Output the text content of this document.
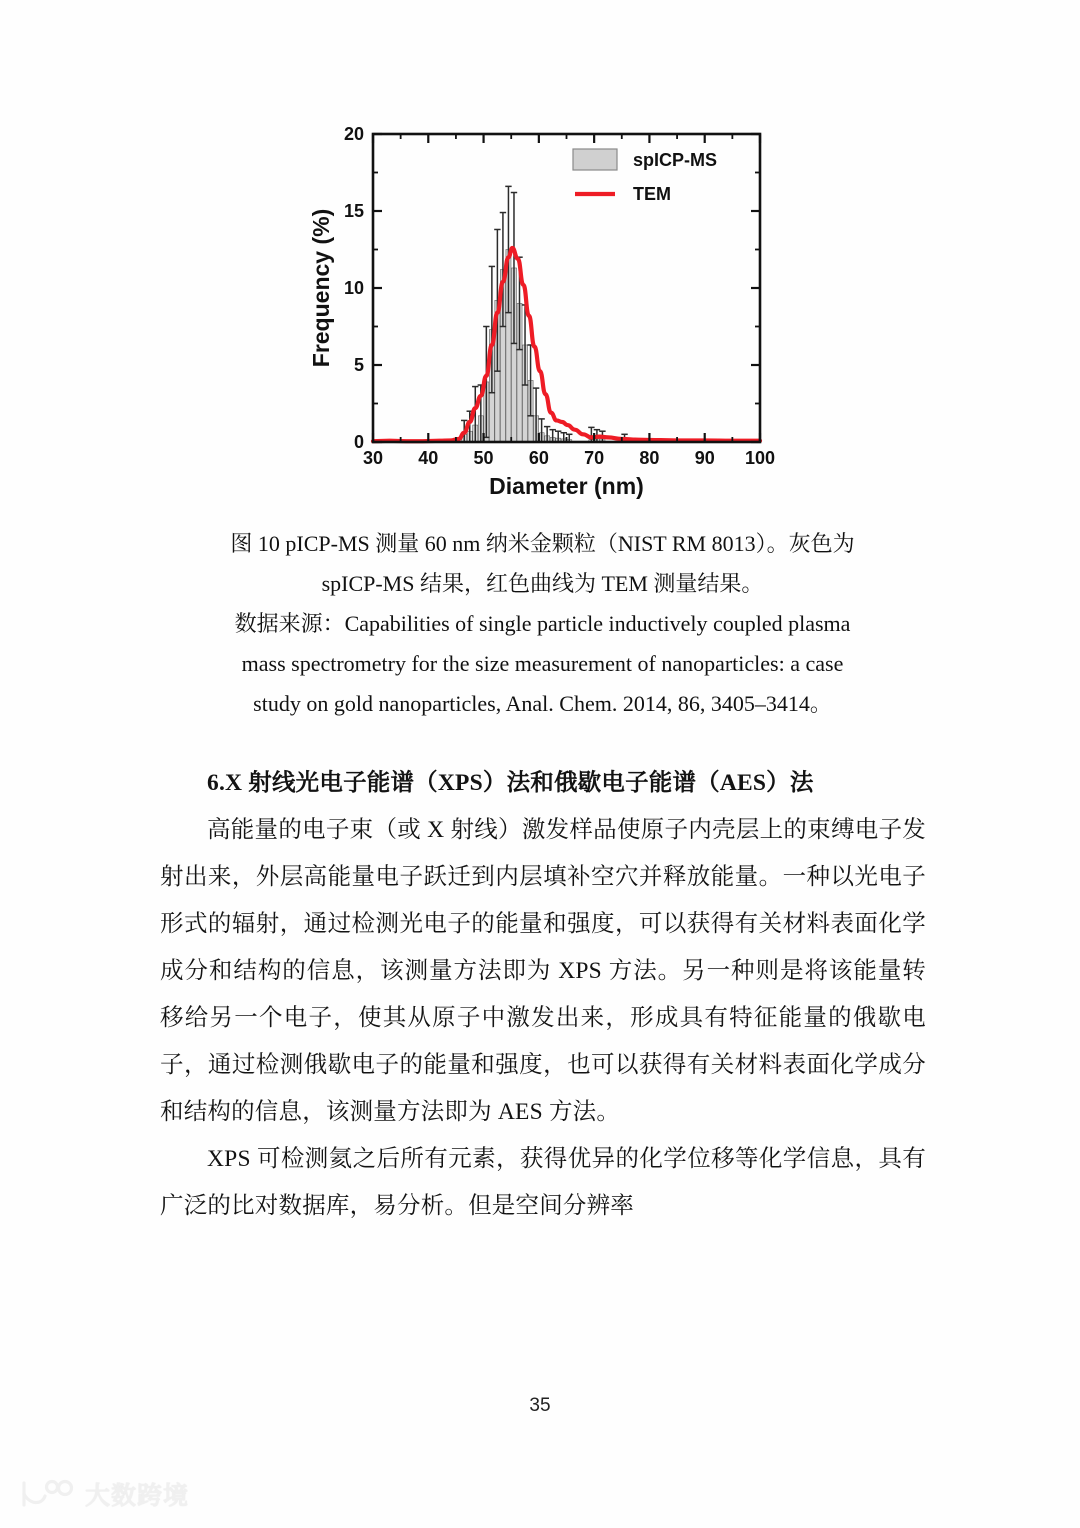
30 40 50 60 70 80 90 100
0
5
10
15
20
Diameter (nm)
Frequency (%)
spICP-MS
TEM
图 10 pICP-MS 测量 60 nm 纳米金颗粒（NIST RM 8013）。灰色为
spICP-MS 结果，红色曲线为 TEM 测量结果。
数据来源：Capabilities of single particle inductively coupled plasma
mass spectrometry for the size measurement of nanoparticles: a case
study on gold nanoparticles, Anal. Chem. 2014, 86, 3405–3414。

6.X 射线光电子能谱（XPS）法和俄歇电子能谱（AES）法

高能量的电子束（或 X 射线）激发样品使原子内壳层上的束缚电子发射出来，外层高能量电子跃迁到内层填补空穴并释放能量。一种以光电子形式的辐射，通过检测光电子的能量和强度，可以获得有关材料表面化学成分和结构的信息，该测量方法即为 XPS 方法。另一种则是将该能量转移给另一个电子，使其从原子中激发出来，形成具有特征能量的俄歇电子，通过检测俄歇电子的能量和强度，也可以获得有关材料表面化学成分和结构的信息，该测量方法即为 AES 方法。

XPS 可检测氦之后所有元素，获得优异的化学位移等化学信息，具有广泛的比对数据库，易分析。但是空间分辨率

35
大数跨境
